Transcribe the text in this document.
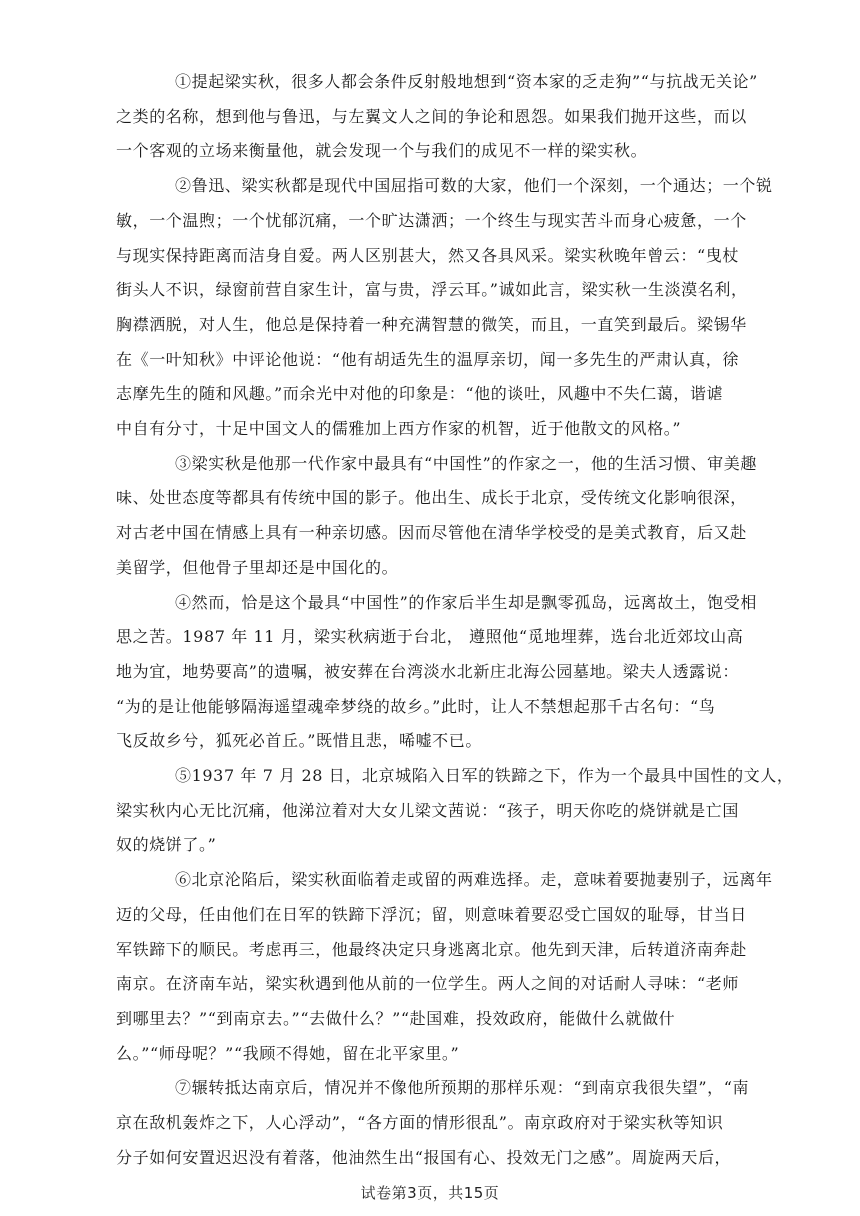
①提起梁实秋，很多人都会条件反射般地想到“资本家的乏走狗”“与抗战无关论”
之类的名称，想到他与鲁迅，与左翼文人之间的争论和恩怨。如果我们抛开这些，而以
一个客观的立场来衡量他，就会发现一个与我们的成见不一样的梁实秋。
②鲁迅、梁实秋都是现代中国屈指可数的大家，他们一个深刻，一个通达；一个锐
敏，一个温煦；一个忧郁沉痛，一个旷达潇洒；一个终生与现实苦斗而身心疲惫，一个
与现实保持距离而洁身自爱。两人区别甚大，然又各具风采。梁实秋晚年曾云：“曳杖
街头人不识，绿窗前营自家生计，富与贵，浮云耳。”诚如此言，梁实秋一生淡漠名利，
胸襟洒脱，对人生，他总是保持着一种充满智慧的微笑，而且，一直笑到最后。梁锡华
在《一叶知秋》中评论他说：“他有胡适先生的温厚亲切，闻一多先生的严肃认真，徐
志摩先生的随和风趣。”而余光中对他的印象是：“他的谈吐，风趣中不失仁蔼，谐谑
中自有分寸，十足中国文人的儒雅加上西方作家的机智，近于他散文的风格。”
③梁实秋是他那一代作家中最具有“中国性”的作家之一，他的生活习惯、审美趣
味、处世态度等都具有传统中国的影子。他出生、成长于北京，受传统文化影响很深，
对古老中国在情感上具有一种亲切感。因而尽管他在清华学校受的是美式教育，后又赴
美留学，但他骨子里却还是中国化的。
④然而，恰是这个最具“中国性”的作家后半生却是飘零孤岛，远离故土，饱受相
思之苦。1987 年 11 月，梁实秋病逝于台北， 遵照他“觅地埋葬，选台北近郊坟山高
地为宜，地势要高”的遗嘱，被安葬在台湾淡水北新庄北海公园墓地。梁夫人透露说：
“为的是让他能够隔海遥望魂牵梦绕的故乡。”此时，让人不禁想起那千古名句：“鸟
飞反故乡兮，狐死必首丘。”既惜且悲，唏嘘不已。
⑤1937 年 7 月 28 日，北京城陷入日军的铁蹄之下，作为一个最具中国性的文人，
梁实秋内心无比沉痛，他涕泣着对大女儿梁文茜说：“孩子，明天你吃的烧饼就是亡国
奴的烧饼了。”
⑥北京沦陷后，梁实秋面临着走或留的两难选择。走，意味着要抛妻别子，远离年
迈的父母，任由他们在日军的铁蹄下浮沉；留，则意味着要忍受亡国奴的耻辱，甘当日
军铁蹄下的顺民。考虑再三，他最终决定只身逃离北京。他先到天津，后转道济南奔赴
南京。在济南车站，梁实秋遇到他从前的一位学生。两人之间的对话耐人寻味：“老师
到哪里去？”“到南京去。”“去做什么？”“赴国难，投效政府，能做什么就做什
么。”“师母呢？”“我顾不得她，留在北平家里。”
⑦辗转抵达南京后，情况并不像他所预期的那样乐观：“到南京我很失望”，“南
京在敌机轰炸之下，人心浮动”，“各方面的情形很乱”。南京政府对于梁实秋等知识
分子如何安置迟迟没有着落，他油然生出“报国有心、投效无门之感”。周旋两天后，
试卷第3页，共15页
